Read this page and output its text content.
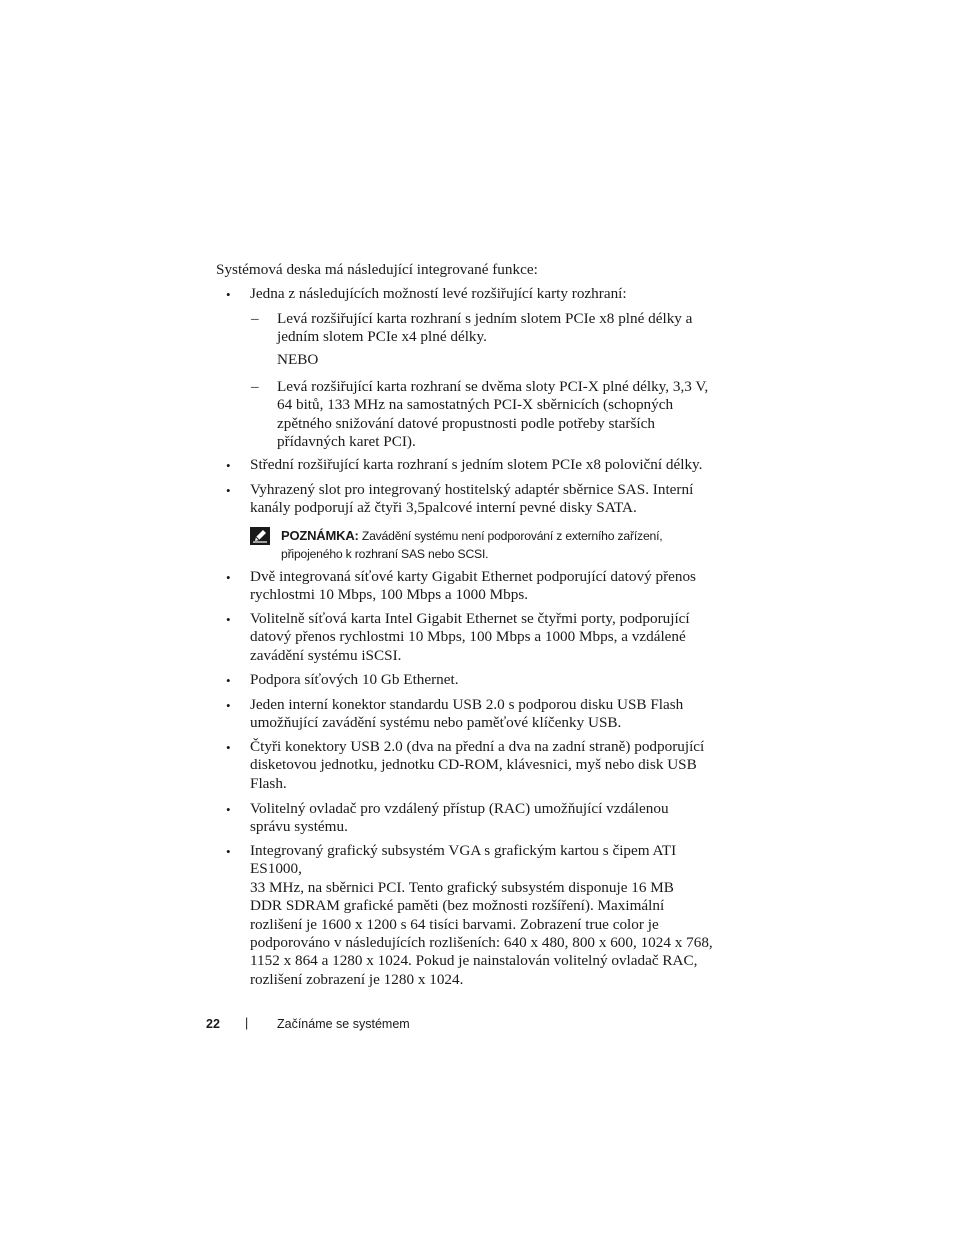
Systémová deska má následující integrované funkce:
• Jedna z následujících možností levé rozšiřující karty rozhraní:
– Levá rozšiřující karta rozhraní s jedním slotem PCIe x8 plné délky a
jedním slotem PCIe x4 plné délky.
NEBO
– Levá rozšiřující karta rozhraní se dvěma sloty PCI-X plné délky, 3,3 V,
64 bitů, 133 MHz na samostatných PCI-X sběrnicích (schopných
zpětného snižování datové propustnosti podle potřeby starších
přídavných karet PCI).
• Střední rozšiřující karta rozhraní s jedním slotem PCIe x8 poloviční délky.
• Vyhrazený slot pro integrovaný hostitelský adaptér sběrnice SAS. Interní
kanály podporují až čtyři 3,5palcové interní pevné disky SATA.
POZNÁMKA: Zavádění systému není podporování z externího zařízení,
připojeného k rozhraní SAS nebo SCSI.
• Dvě integrovaná síťové karty Gigabit Ethernet podporující datový přenos
rychlostmi 10 Mbps, 100 Mbps a 1000 Mbps.
• Volitelně síťová karta Intel Gigabit Ethernet se čtyřmi porty, podporující
datový přenos rychlostmi 10 Mbps, 100 Mbps a 1000 Mbps, a vzdálené
zavádění systému iSCSI.
• Podpora síťových 10 Gb Ethernet.
• Jeden interní konektor standardu USB 2.0 s podporou disku USB Flash
umožňující zavádění systému nebo paměťové klíčenky USB.
• Čtyři konektory USB 2.0 (dva na přední a dva na zadní straně) podporující
disketovou jednotku, jednotku CD-ROM, klávesnici, myš nebo disk USB
Flash.
• Volitelný ovladač pro vzdálený přístup (RAC) umožňující vzdálenou
správu systému.
• Integrovaný grafický subsystém VGA s grafickým kartou s čipem ATI ES1000,
33 MHz, na sběrnici PCI. Tento grafický subsystém disponuje 16 MB
DDR SDRAM grafické paměti (bez možnosti rozšíření). Maximální
rozlišení je 1600 x 1200 s 64 tisíci barvami. Zobrazení true color je
podporováno v následujících rozlišeních: 640 x 480, 800 x 600, 1024 x 768,
1152 x 864 a 1280 x 1024. Pokud je nainstalován volitelný ovladač RAC,
rozlišení zobrazení je 1280 x 1024.
22 | Začínáme se systémem
